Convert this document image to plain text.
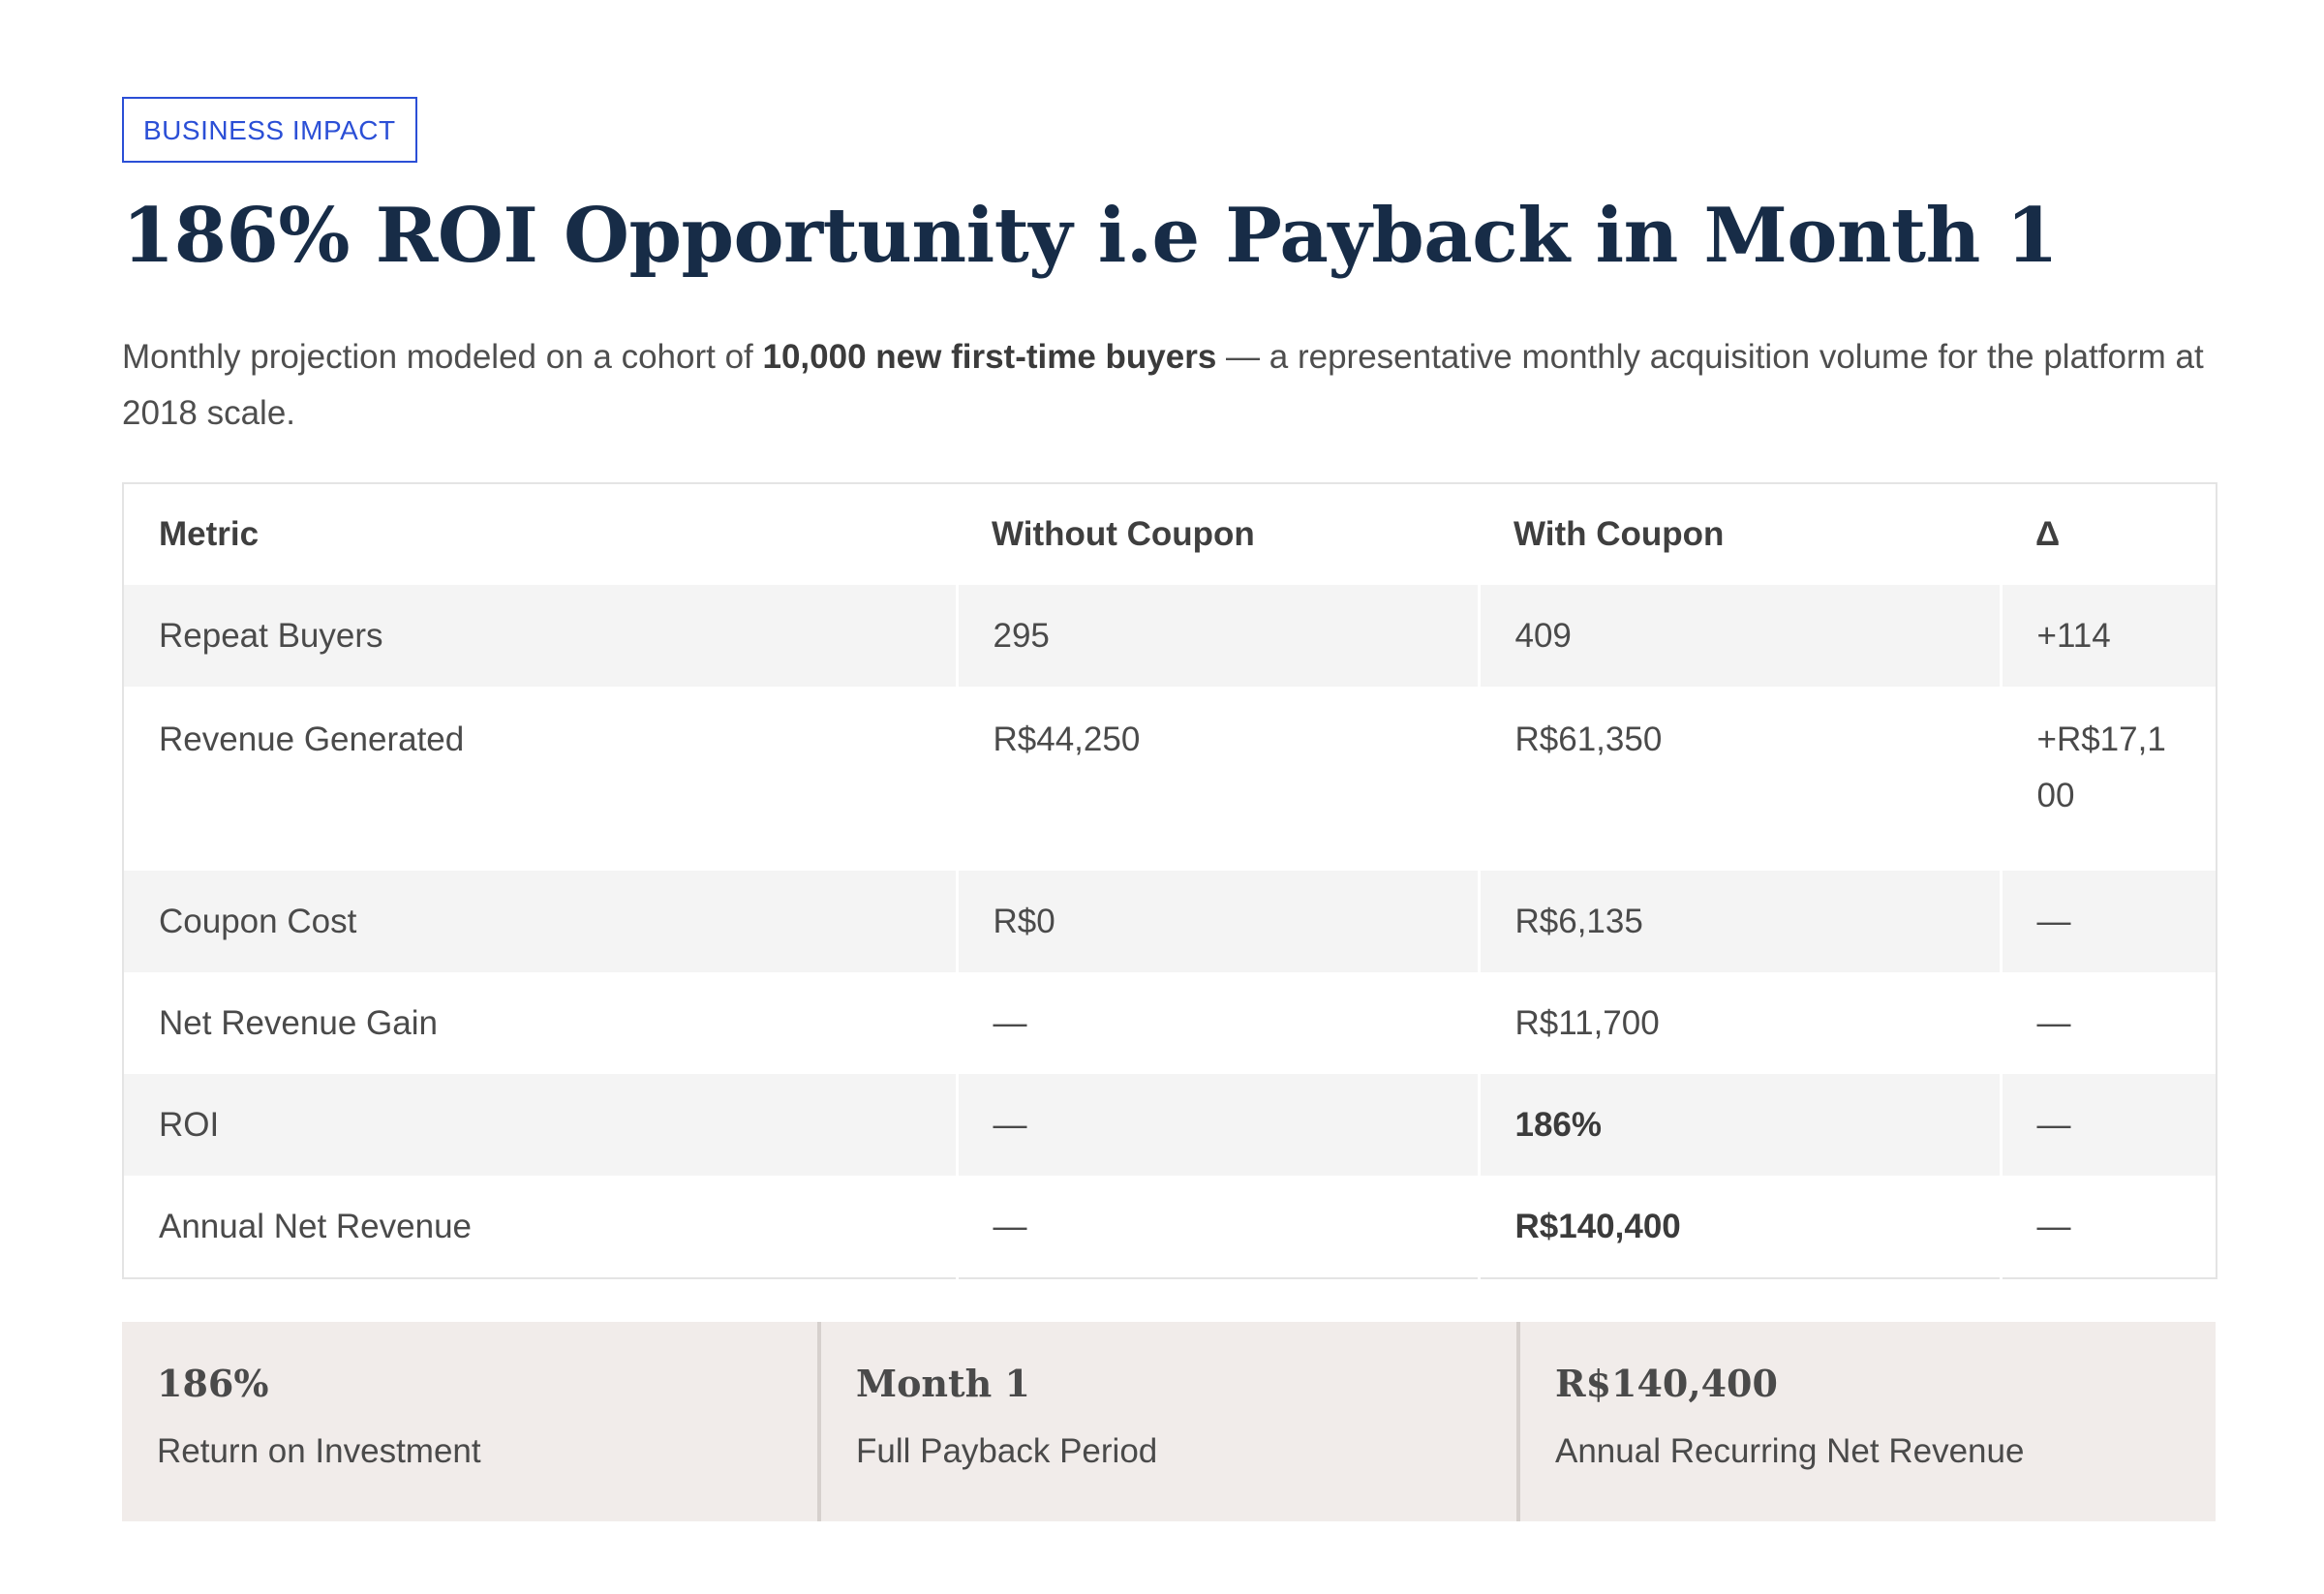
BUSINESS IMPACT
186% ROI Opportunity i.e Payback in Month 1

Monthly projection modeled on a cohort of 10,000 new first-time buyers — a representative monthly acquisition volume for the platform at 2018 scale.

Metric	Without Coupon	With Coupon	Δ
Repeat Buyers	295	409	+114
Revenue Generated	R$44,250	R$61,350	+R$17,100
Coupon Cost	R$0	R$6,135	—
Net Revenue Gain	—	R$11,700	—
ROI	—	186%	—
Annual Net Revenue	—	R$140,400	—
186%
Return on Investment
Month 1
Full Payback Period
R$140,400
Annual Recurring Net Revenue
